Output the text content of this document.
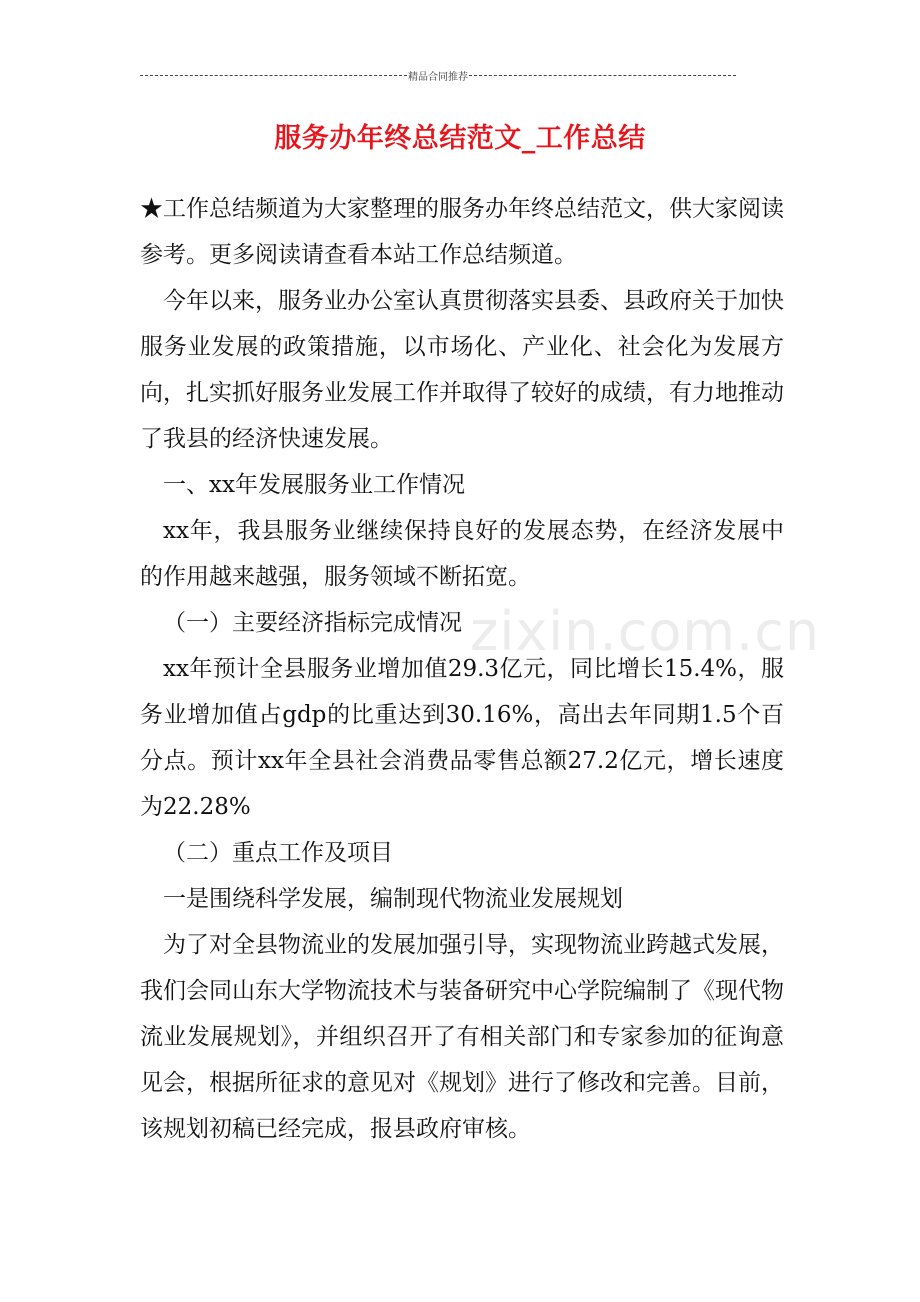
精品合同推荐
服务办年终总结范文_工作总结
zixin.com.cn

★工作总结频道为大家整理的服务办年终总结范文，供大家阅读参考。更多阅读请查看本站工作总结频道。

今年以来，服务业办公室认真贯彻落实县委、县政府关于加快服务业发展的政策措施，以市场化、产业化、社会化为发展方向，扎实抓好服务业发展工作并取得了较好的成绩，有力地推动了我县的经济快速发展。

一、xx年发展服务业工作情况

xx年，我县服务业继续保持良好的发展态势，在经济发展中的作用越来越强，服务领域不断拓宽。

（一）主要经济指标完成情况

xx年预计全县服务业增加值29.3亿元，同比增长15.4%，服务业增加值占gdp的比重达到30.16%，高出去年同期1.5个百分点。预计xx年全县社会消费品零售总额27.2亿元，增长速度为22.28%

（二）重点工作及项目

一是围绕科学发展，编制现代物流业发展规划

为了对全县物流业的发展加强引导，实现物流业跨越式发展，我们会同山东大学物流技术与装备研究中心学院编制了《现代物流业发展规划》，并组织召开了有相关部门和专家参加的征询意见会，根据所征求的意见对《规划》进行了修改和完善。目前，该规划初稿已经完成，报县政府审核。
